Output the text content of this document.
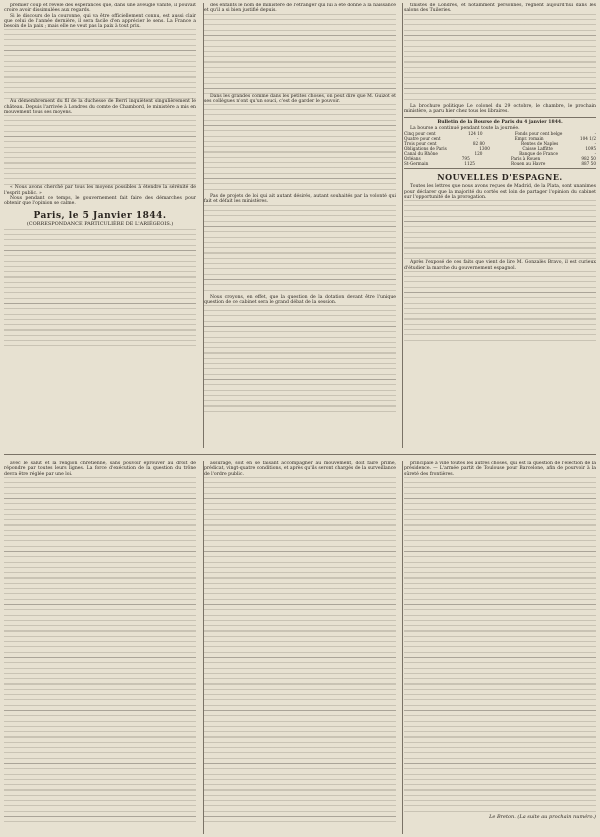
premier coup et révèle des espérances que, dans une aveugle vanité, il pouvait croire avoir dissimulées aux regards.

Si le discours de la couronne, qui va être officiellement connu, est aussi clair que celui de l'année dernière, il sera facile d'en apprécier le sens. La France a besoin de la paix ; mais elle ne veut pas la paix à tout prix.

Au démembrement du fil de la duchesse de Berri inquiètent singulièrement le château. Depuis l'arrivée à Londres du comte de Chambord, le ministère a mis en mouvement tous ses moyens.

« Nous avons cherché par tous les moyens possibles à étendre la sérénité de l'esprit public. »

Nous pendant ce temps, le gouvernement fait faire des démarches pour obtenir que l'opinion se calme.

Paris, le 5 Janvier 1844.
(CORRESPONDANCE PARTICULIÈRE DE L'ARIÉGEOIS.)

des enfants le nom de ministère de l'étranger qui lui a été donné à la naissance et qu'il a si bien justifié depuis.

Dans les grandes comme dans les petites choses, on peut dire que M. Guizot et ses collègues n'ont qu'un souci, c'est de garder le pouvoir.

Pas de projets de loi qui ait autant désirés, autant souhaités par la volonté qui fait et défait les ministères.

Nous croyons, en effet, que la question de la dotation devant être l'unique question de ce cabinet sera le grand débat de la session.

tinistes de Londres, et notamment personnes, regnent aujourd'hui dans les salons des Tuileries.

La brochure politique Le colonel du 29 octobre, le chambre, le prochain ministère, a paru hier chez tous les libraires.

Bulletin de la Bourse de Paris du 4 janvier 1844.

La bourse a continué pendant toute la journée.

Cinq pour cent	124 10	Fonds pour cent belge	-
Quatre pour cent	-	Empr. romain	104 1/2
Trois pour cent	82 80	Rentes de Naples	-
Obligations de Paris	1300	Caisse Laffitte	1095
Canal du Rhône	120	Banque de France	-
Orléans	795	Paris à Rouen	982 50
St-Germain	1125	Rouen au Havre	887 50
NOUVELLES D'ESPAGNE.

Toutes les lettres que nous avons reçues de Madrid, de la Plata, sont unanimes pour déclarer que la majorité du cortès est loin de partager l'opinion du cabinet sur l'opportunité de la prorogation.

Après l'exposé de ces faits que vient de lire M. Gonzalès Bravo, il est curieux d'étudier la marche du gouvernement espagnol.

avec le salut et la religion chrétienne, sans pouvoir éprouver au droit de répondre par toutes leurs lignes. La force d'exécution de la question du trône devra être réglée par une loi.

assurage, soit en se faisant accompagner au mouvement, doit faire prime, prédicat, vingt-quatre conditions, et après qu'ils seront chargés de la surveillance de l'ordre public.

principale à ville toutes les autres choses, qui est la question de l'élection de la présidence. — L'armée partit de Toulouse pour Barcelone, afin de pourvoir à la sûreté des frontières.

Le Breton. (La suite au prochain numéro.)
